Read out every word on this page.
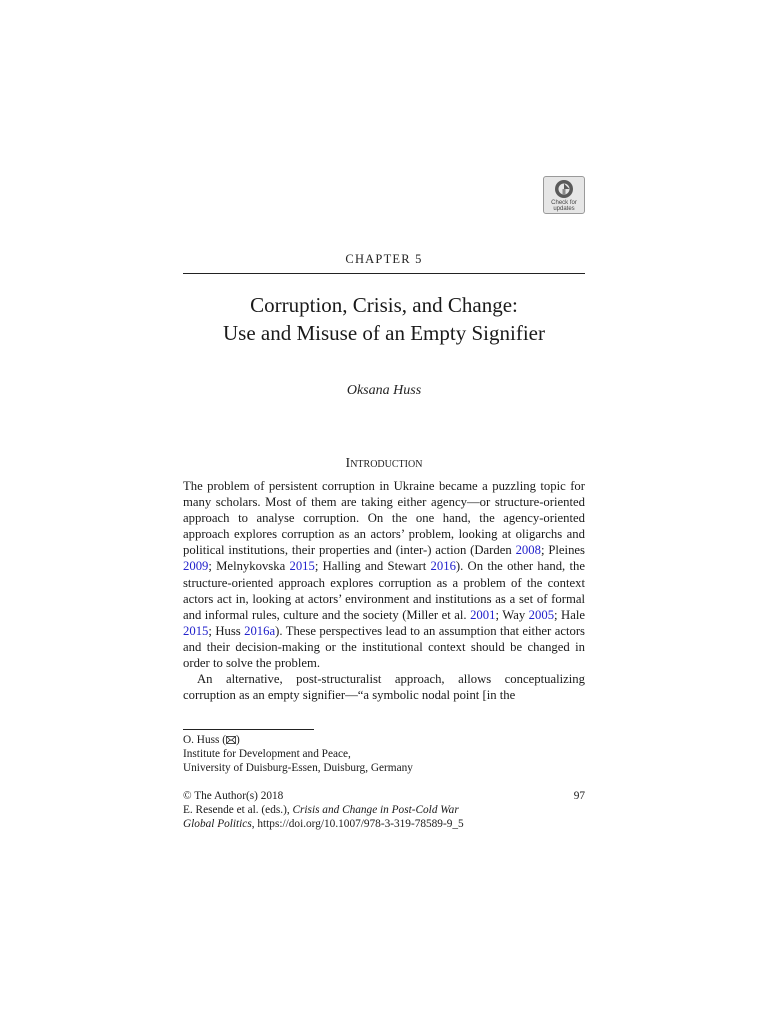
Check for updates
CHAPTER 5
Corruption, Crisis, and Change:
Use and Misuse of an Empty Signifier
Oksana Huss
Introduction

The problem of persistent corruption in Ukraine became a puzzling topic for many scholars. Most of them are taking either agency—or structure-oriented approach to analyse corruption. On the one hand, the agency-oriented approach explores corruption as an actors’ problem, looking at oligarchs and political institutions, their properties and (inter-) action (Darden 2008; Pleines 2009; Melnykovska 2015; Halling and Stewart 2016). On the other hand, the structure-oriented approach explores corruption as a problem of the context actors act in, looking at actors’ environment and institutions as a set of formal and informal rules, culture and the society (Miller et al. 2001; Way 2005; Hale 2015; Huss 2016a). These perspectives lead to an assumption that either actors and their decision-making or the institutional context should be changed in order to solve the problem.

An alternative, post-structuralist approach, allows conceptualizing corruption as an empty signifier—“a symbolic nodal point [in the

O. Huss ( )
Institute for Development and Peace,
University of Duisburg-Essen, Duisburg, Germany
© The Author(s) 2018
E. Resende et al. (eds.), Crisis and Change in Post-Cold War
Global Politics, https://doi.org/10.1007/978-3-319-78589-9_5
97
